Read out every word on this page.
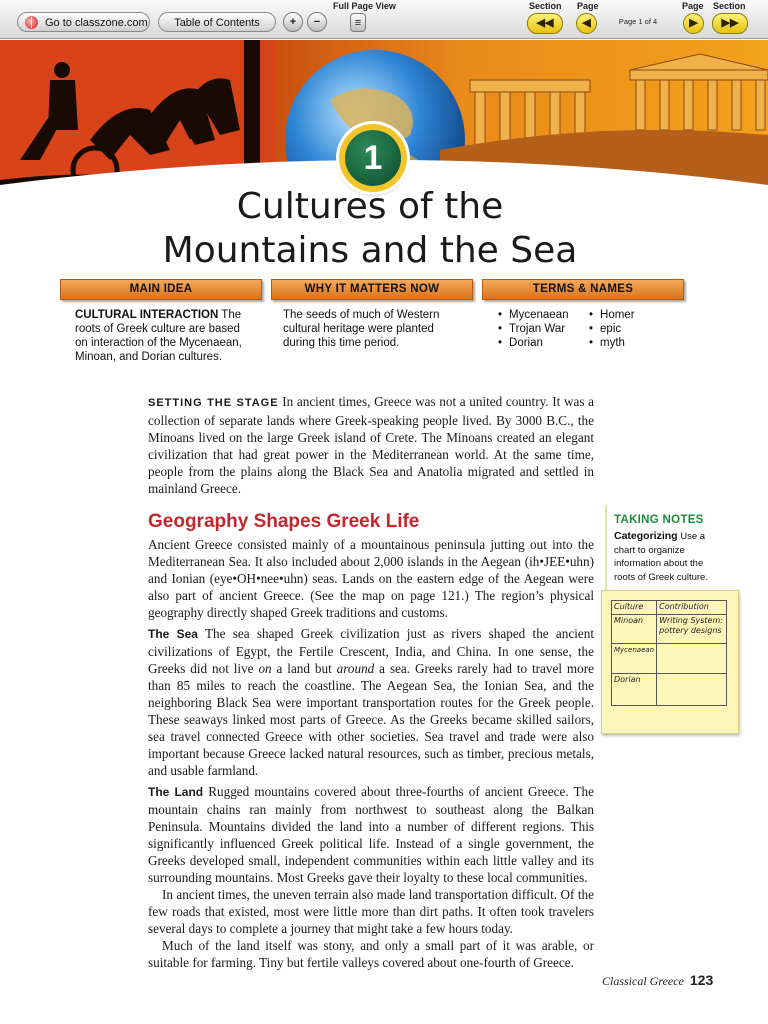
Go to classzone.com	Table of Contents	+	−
Full Page View
≡
Section Page
◀◀	◀	Page 1 of 4
Page Section
▶	▶▶
1
Cultures of the
Mountains and the Sea
MAIN IDEA	WHY IT MATTERS NOW	TERMS & NAMES
CULTURAL INTERACTION The roots of Greek culture are based on interaction of the Mycenaean, Minoan, and Dorian cultures.
The seeds of much of Western cultural heritage were planted during this time period.
• Mycenaean
• Trojan War
• Dorian
• Homer
• epic
• myth

SETTING THE STAGE In ancient times, Greece was not a united country. It was a collection of separate lands where Greek-speaking people lived. By 3000 B.C., the Minoans lived on the large Greek island of Crete. The Minoans created an elegant civilization that had great power in the Mediterranean world. At the same time, people from the plains along the Black Sea and Anatolia migrated and settled in mainland Greece.

Geography Shapes Greek Life

Ancient Greece consisted mainly of a mountainous peninsula jutting out into the Mediterranean Sea. It also included about 2,000 islands in the Aegean (ih•JEE•uhn) and Ionian (eye•OH•nee•uhn) seas. Lands on the eastern edge of the Aegean were also part of ancient Greece. (See the map on page 121.) The region’s physical geography directly shaped Greek traditions and customs.

The Sea The sea shaped Greek civilization just as rivers shaped the ancient civilizations of Egypt, the Fertile Crescent, India, and China. In one sense, the Greeks did not live on a land but around a sea. Greeks rarely had to travel more than 85 miles to reach the coastline. The Aegean Sea, the Ionian Sea, and the neighboring Black Sea were important transportation routes for the Greek people. These seaways linked most parts of Greece. As the Greeks became skilled sailors, sea travel connected Greece with other societies. Sea travel and trade were also important because Greece lacked natural resources, such as timber, precious metals, and usable farmland.

The Land Rugged mountains covered about three-fourths of ancient Greece. The mountain chains ran mainly from northwest to southeast along the Balkan Peninsula. Mountains divided the land into a number of different regions. This significantly influenced Greek political life. Instead of a single government, the Greeks developed small, independent communities within each little valley and its surrounding mountains. Most Greeks gave their loyalty to these local communities.

In ancient times, the uneven terrain also made land transportation difficult. Of the few roads that existed, most were little more than dirt paths. It often took travelers several days to complete a journey that might take a few hours today.

Much of the land itself was stony, and only a small part of it was arable, or suitable for farming. Tiny but fertile valleys covered about one-fourth of Greece.

TAKING NOTES
Categorizing Use a chart to organize information about the roots of Greek culture.
Culture	Contribution
Minoan	Writing System: pottery designs
Mycenaean	
Dorian	
Classical Greece 123
